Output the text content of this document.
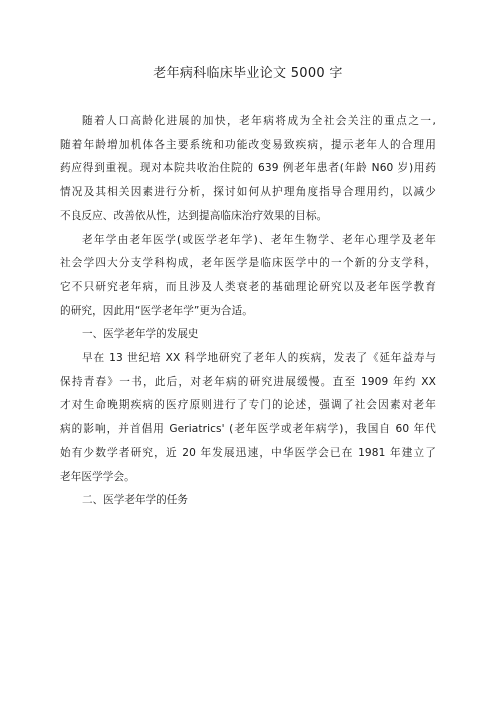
老年病科临床毕业论文 5000 字

随着人口高龄化进展的加快，老年病将成为全社会关注的重点之一,
随着年龄增加机体各主要系统和功能改变易致疾病，提示老年人的合理用
药应得到重视。现对本院共收治住院的 639 例老年患者(年龄 N60 岁)用药
情况及其相关因素进行分析，探讨如何从护理角度指导合理用约，以减少
不良反应、改善依从性，达到提高临床治疗效果的目标。

老年学由老年医学(或医学老年学)、老年生物学、老年心理学及老年
社会学四大分支学科构成，老年医学是临床医学中的一个新的分支学科，
它不只研究老年病，而且涉及人类衰老的基础理论研究以及老年医学教育
的研究，因此用“医学老年学”更为合适。

一、医学老年学的发展史

早在 13 世纪培 XX 科学地研究了老年人的疾病，发表了《延年益寿与
保持青春》一书，此后，对老年病的研究进展缓慢。直至 1909 年约 XX
才对生命晚期疾病的医疗原则进行了专门的论述，强调了社会因素对老年
病的影响，并首倡用 Geriatrics' (老年医学或老年病学)，我国自 60 年代
始有少数学者研究，近 20 年发展迅速，中华医学会已在 1981 年建立了
老年医学学会。

二、医学老年学的任务
